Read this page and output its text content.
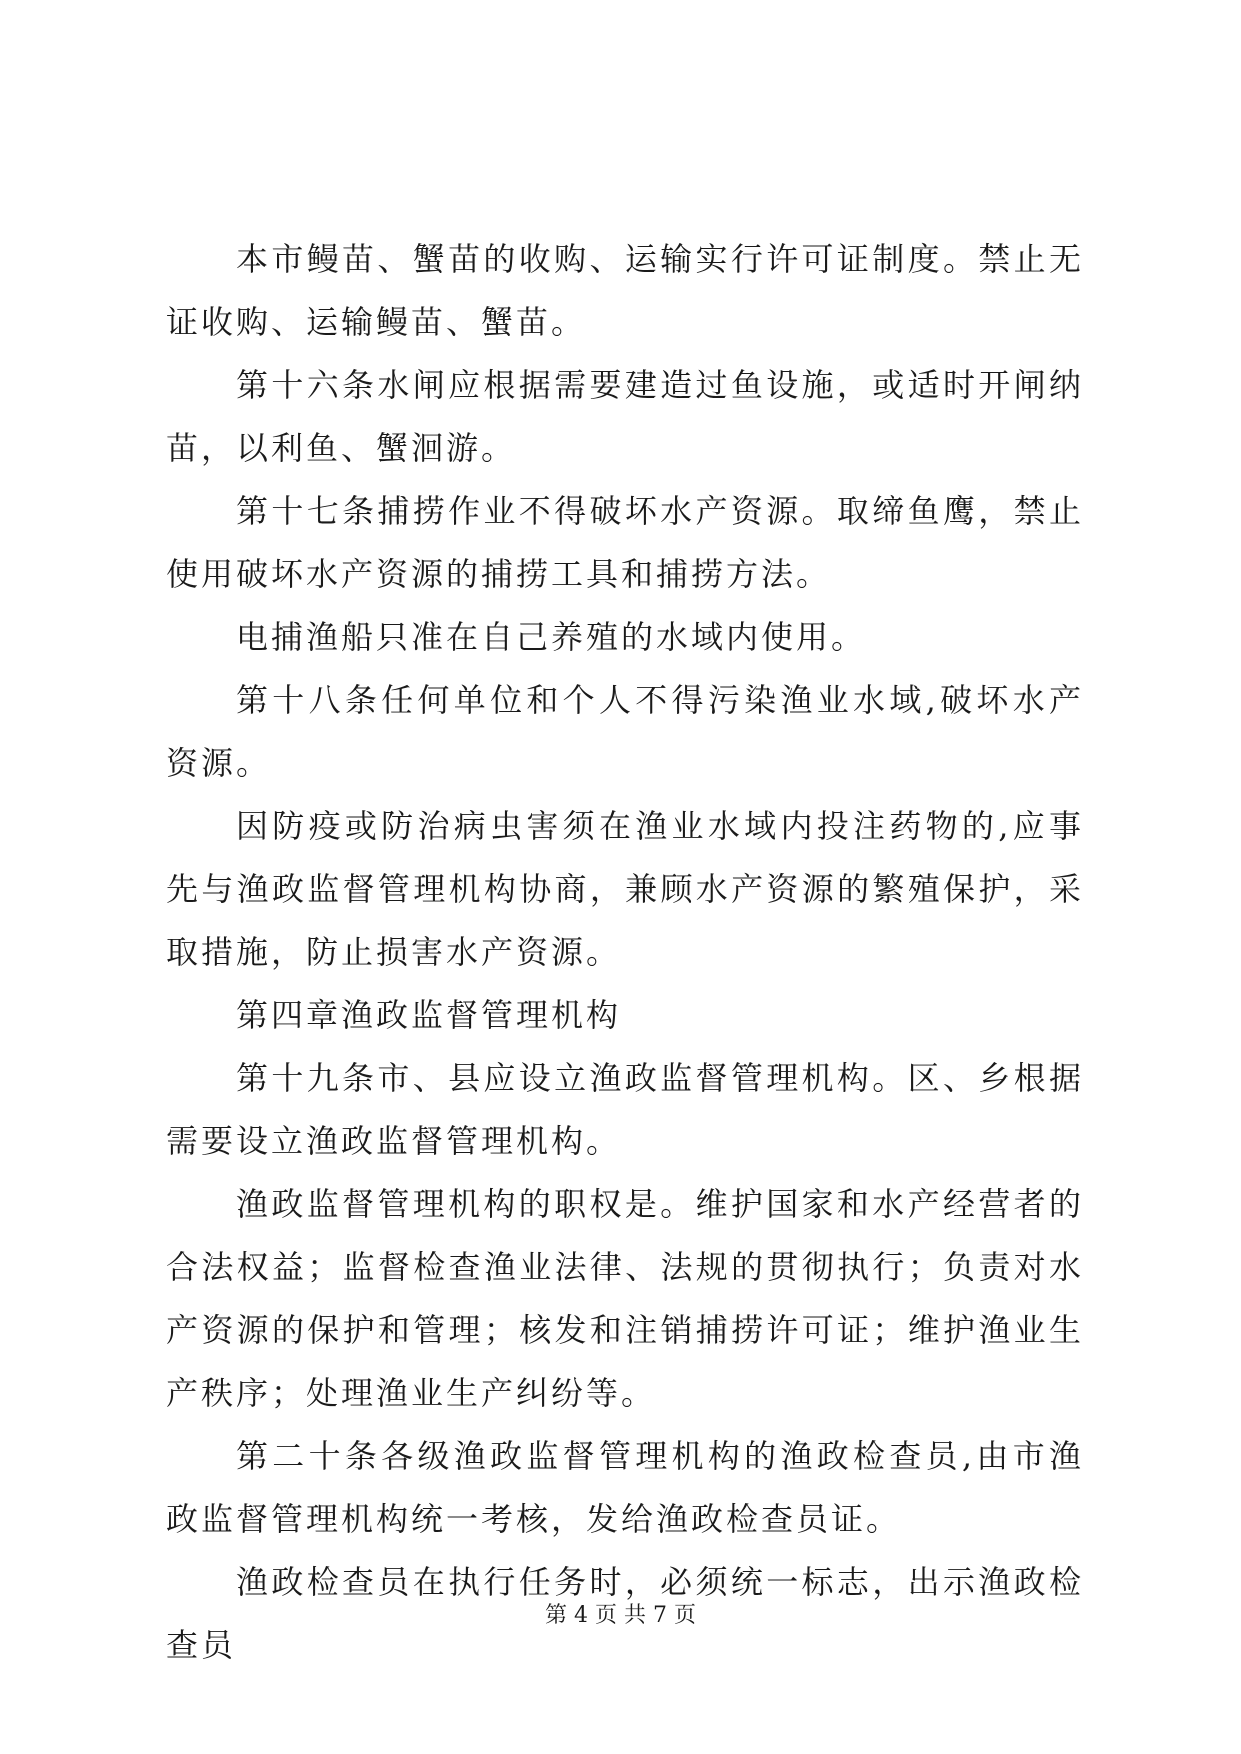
本市鳗苗、蟹苗的收购、运输实行许可证制度。禁止无证收购、运输鳗苗、蟹苗。

第十六条水闸应根据需要建造过鱼设施，或适时开闸纳苗，以利鱼、蟹洄游。

第十七条捕捞作业不得破坏水产资源。取缔鱼鹰，禁止使用破坏水产资源的捕捞工具和捕捞方法。

电捕渔船只准在自己养殖的水域内使用。

第十八条任何单位和个人不得污染渔业水域,破坏水产资源。

因防疫或防治病虫害须在渔业水域内投注药物的,应事先与渔政监督管理机构协商，兼顾水产资源的繁殖保护，采取措施，防止损害水产资源。

第四章渔政监督管理机构

第十九条市、县应设立渔政监督管理机构。区、乡根据需要设立渔政监督管理机构。

渔政监督管理机构的职权是。维护国家和水产经营者的合法权益；监督检查渔业法律、法规的贯彻执行；负责对水产资源的保护和管理；核发和注销捕捞许可证；维护渔业生产秩序；处理渔业生产纠纷等。

第二十条各级渔政监督管理机构的渔政检查员,由市渔政监督管理机构统一考核，发给渔政检查员证。

渔政检查员在执行任务时，必须统一标志，出示渔政检查员

第 4 页 共 7 页
